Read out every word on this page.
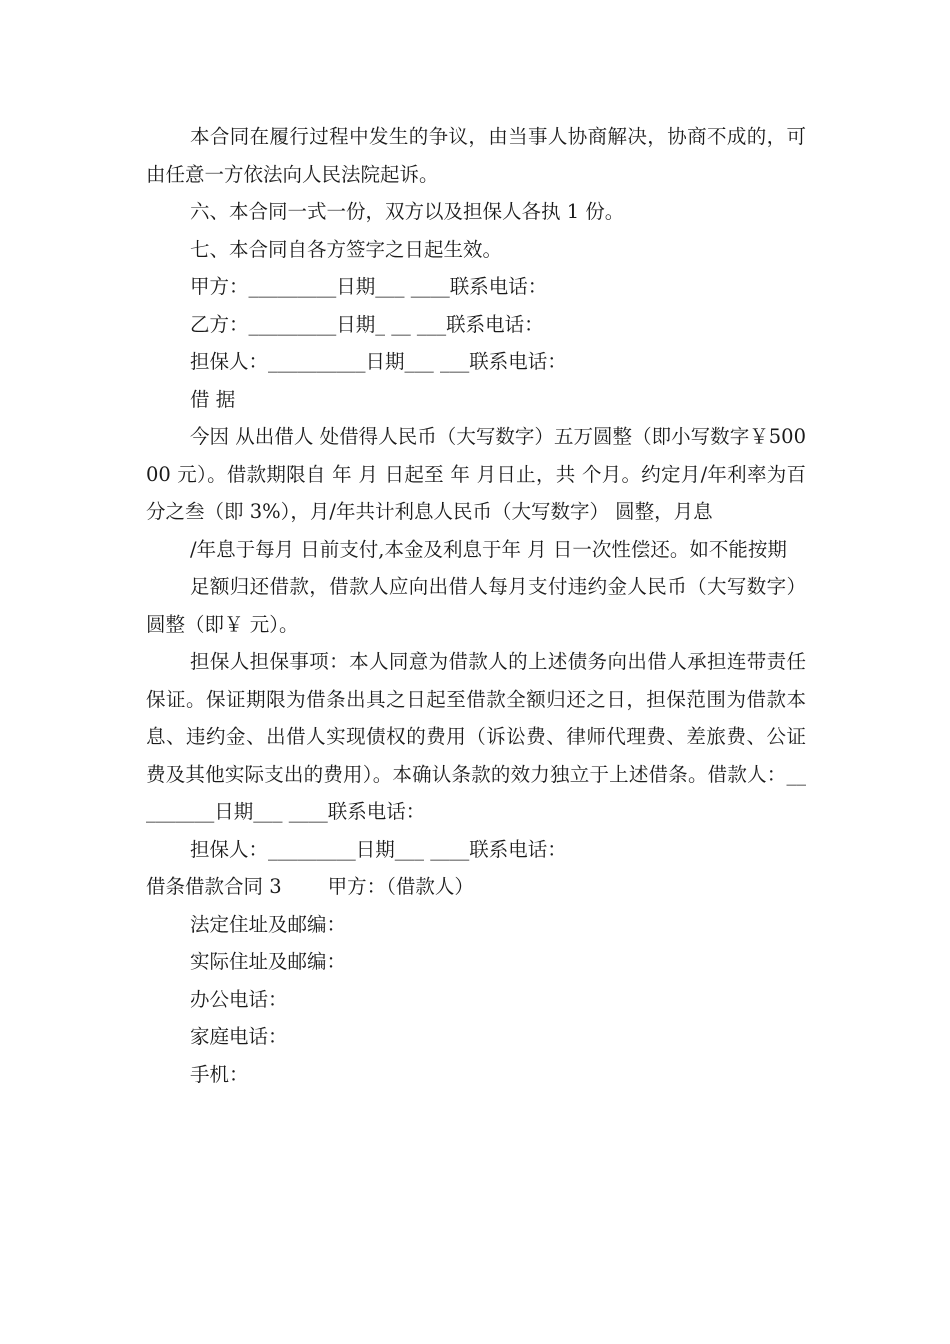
本合同在履行过程中发生的争议，由当事人协商解决，协商不成的，可由任意一方依法向人民法院起诉。

六、本合同一式一份，双方以及担保人各执 1 份。

七、本合同自各方签字之日起生效。

甲方：_________日期___ ____联系电话：

乙方：_________日期_ __ ___联系电话：

担保人：__________日期___ ___联系电话：

借 据

今因 从出借人 处借得人民币（大写数字）五万圆整（即小写数字￥50000 元）。借款期限自 年 月 日起至 年 月日止，共 个月。约定月/年利率为百分之叁（即 3%），月/年共计利息人民币（大写数字） 圆整，月息

/年息于每月 日前支付,本金及利息于年 月 日一次性偿还。如不能按期

足额归还借款，借款人应向出借人每月支付违约金人民币（大写数字）圆整（即￥ 元）。

担保人担保事项：本人同意为借款人的上述债务向出借人承担连带责任保证。保证期限为借条出具之日起至借款全额归还之日，担保范围为借款本息、违约金、出借人实现债权的费用（诉讼费、律师代理费、差旅费、公证费及其他实际支出的费用）。本确认条款的效力独立于上述借条。借款人：_________日期___ ____联系电话：

担保人：_________日期___ ____联系电话：

借条借款合同 3 甲方：（借款人）

法定住址及邮编：

实际住址及邮编：

办公电话：

家庭电话：

手机：
